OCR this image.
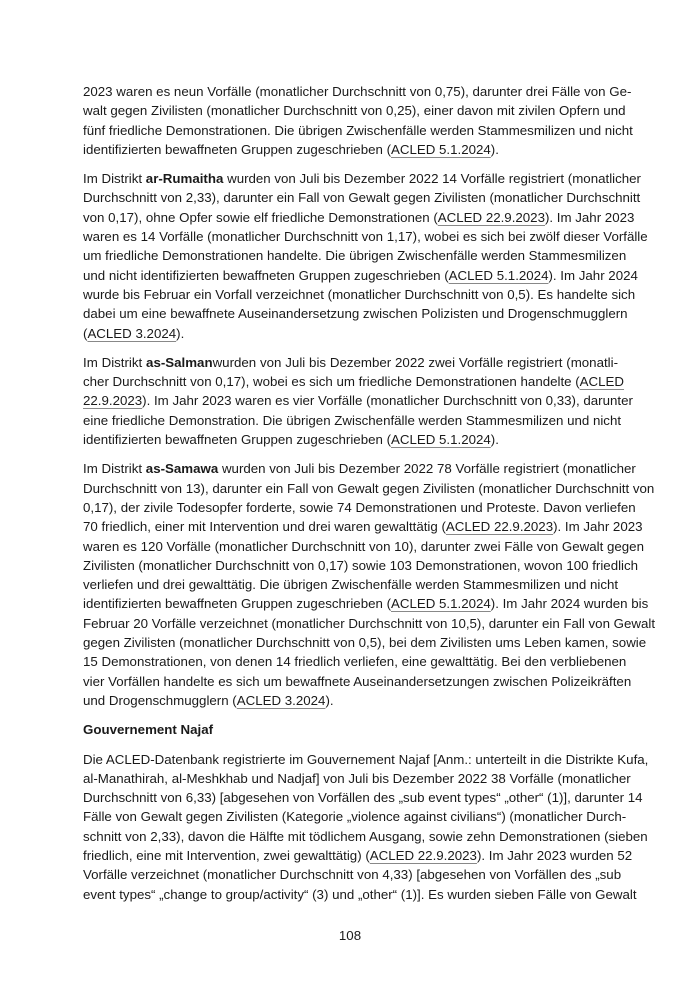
2023 waren es neun Vorfälle (monatlicher Durchschnitt von 0,75), darunter drei Fälle von Ge-
walt gegen Zivilisten (monatlicher Durchschnitt von 0,25), einer davon mit zivilen Opfern und
fünf friedliche Demonstrationen. Die übrigen Zwischenfälle werden Stammesmilizen und nicht
identifizierten bewaffneten Gruppen zugeschrieben (ACLED 5.1.2024).
Im Distrikt ar-Rumaitha wurden von Juli bis Dezember 2022 14 Vorfälle registriert (monatlicher
Durchschnitt von 2,33), darunter ein Fall von Gewalt gegen Zivilisten (monatlicher Durchschnitt
von 0,17), ohne Opfer sowie elf friedliche Demonstrationen (ACLED 22.9.2023). Im Jahr 2023
waren es 14 Vorfälle (monatlicher Durchschnitt von 1,17), wobei es sich bei zwölf dieser Vorfälle
um friedliche Demonstrationen handelte. Die übrigen Zwischenfälle werden Stammesmilizen
und nicht identifizierten bewaffneten Gruppen zugeschrieben (ACLED 5.1.2024). Im Jahr 2024
wurde bis Februar ein Vorfall verzeichnet (monatlicher Durchschnitt von 0,5). Es handelte sich
dabei um eine bewaffnete Auseinandersetzung zwischen Polizisten und Drogenschmugglern
(ACLED 3.2024).
Im Distrikt as-Salmanwurden von Juli bis Dezember 2022 zwei Vorfälle registriert (monatli-
cher Durchschnitt von 0,17), wobei es sich um friedliche Demonstrationen handelte (ACLED
22.9.2023). Im Jahr 2023 waren es vier Vorfälle (monatlicher Durchschnitt von 0,33), darunter
eine friedliche Demonstration. Die übrigen Zwischenfälle werden Stammesmilizen und nicht
identifizierten bewaffneten Gruppen zugeschrieben (ACLED 5.1.2024).
Im Distrikt as-Samawa wurden von Juli bis Dezember 2022 78 Vorfälle registriert (monatlicher
Durchschnitt von 13), darunter ein Fall von Gewalt gegen Zivilisten (monatlicher Durchschnitt von
0,17), der zivile Todesopfer forderte, sowie 74 Demonstrationen und Proteste. Davon verliefen
70 friedlich, einer mit Intervention und drei waren gewalttätig (ACLED 22.9.2023). Im Jahr 2023
waren es 120 Vorfälle (monatlicher Durchschnitt von 10), darunter zwei Fälle von Gewalt gegen
Zivilisten (monatlicher Durchschnitt von 0,17) sowie 103 Demonstrationen, wovon 100 friedlich
verliefen und drei gewalttätig. Die übrigen Zwischenfälle werden Stammesmilizen und nicht
identifizierten bewaffneten Gruppen zugeschrieben (ACLED 5.1.2024). Im Jahr 2024 wurden bis
Februar 20 Vorfälle verzeichnet (monatlicher Durchschnitt von 10,5), darunter ein Fall von Gewalt
gegen Zivilisten (monatlicher Durchschnitt von 0,5), bei dem Zivilisten ums Leben kamen, sowie
15 Demonstrationen, von denen 14 friedlich verliefen, eine gewalttätig. Bei den verbliebenen
vier Vorfällen handelte es sich um bewaffnete Auseinandersetzungen zwischen Polizeikräften
und Drogenschmugglern (ACLED 3.2024).
Gouvernement Najaf
Die ACLED-Datenbank registrierte im Gouvernement Najaf [Anm.: unterteilt in die Distrikte Kufa,
al-Manathirah, al-Meshkhab und Nadjaf] von Juli bis Dezember 2022 38 Vorfälle (monatlicher
Durchschnitt von 6,33) [abgesehen von Vorfällen des „sub event types“ „other“ (1)], darunter 14
Fälle von Gewalt gegen Zivilisten (Kategorie „violence against civilians“) (monatlicher Durch-
schnitt von 2,33), davon die Hälfte mit tödlichem Ausgang, sowie zehn Demonstrationen (sieben
friedlich, eine mit Intervention, zwei gewalttätig) (ACLED 22.9.2023). Im Jahr 2023 wurden 52
Vorfälle verzeichnet (monatlicher Durchschnitt von 4,33) [abgesehen von Vorfällen des „sub
event types“ „change to group/activity“ (3) und „other“ (1)]. Es wurden sieben Fälle von Gewalt
108
